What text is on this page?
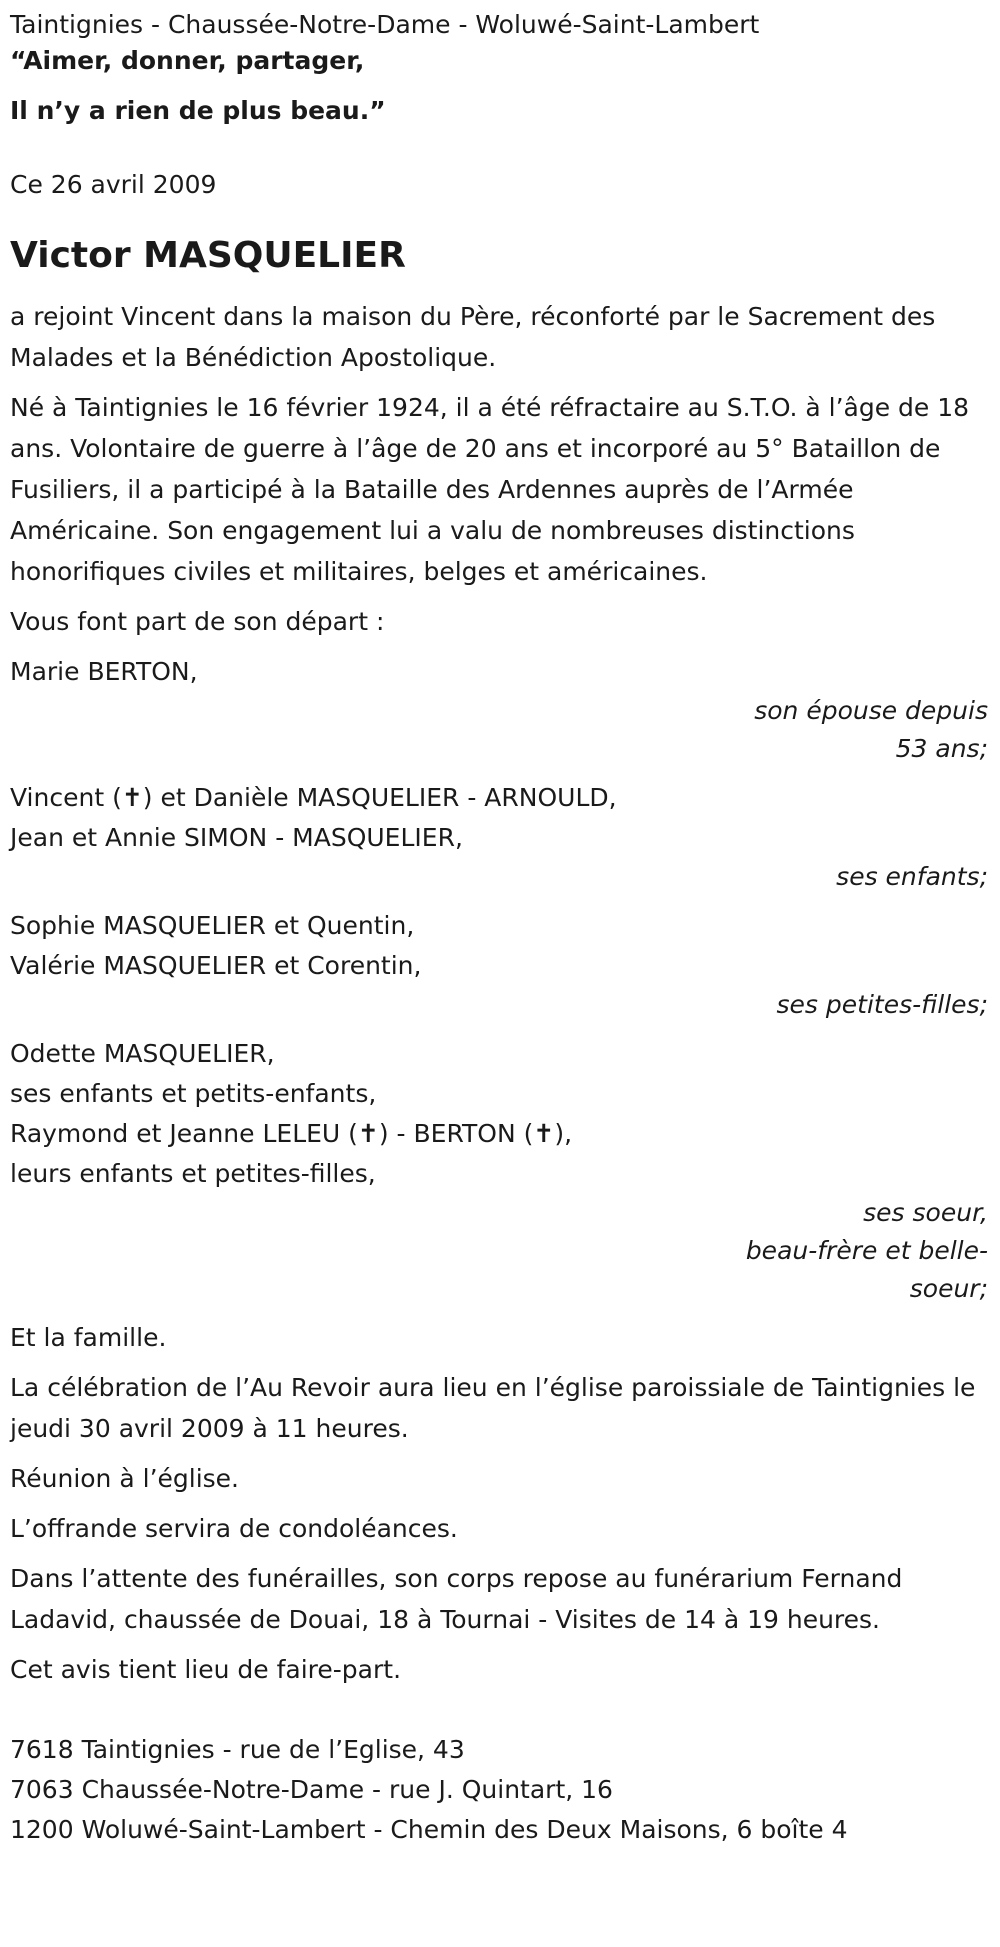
Taintignies - Chaussée-Notre-Dame - Woluwé-Saint-Lambert
“Aimer, donner, partager,
Il n’y a rien de plus beau.”
Ce 26 avril 2009
Victor MASQUELIER
a rejoint Vincent dans la maison du Père, réconforté par le Sacrement des Malades et la Bénédiction Apostolique.
Né à Taintignies le 16 février 1924, il a été réfractaire au S.T.O. à l’âge de 18 ans. Volontaire de guerre à l’âge de 20 ans et incorporé au 5° Bataillon de Fusiliers, il a participé à la Bataille des Ardennes auprès de l’Armée Américaine. Son engagement lui a valu de nombreuses distinctions honorifiques civiles et militaires, belges et américaines.
Vous font part de son départ :
Marie BERTON,
son épouse depuis
53 ans;
Vincent (✝) et Danièle MASQUELIER - ARNOULD,
Jean et Annie SIMON - MASQUELIER,
ses enfants;
Sophie MASQUELIER et Quentin,
Valérie MASQUELIER et Corentin,
ses petites-filles;
Odette MASQUELIER,
ses enfants et petits-enfants,
Raymond et Jeanne LELEU (✝) - BERTON (✝),
leurs enfants et petites-filles,
ses soeur,
beau-frère et belle-
soeur;
Et la famille.
La célébration de l’Au Revoir aura lieu en l’église paroissiale de Taintignies le jeudi 30 avril 2009 à 11 heures.
Réunion à l’église.
L’offrande servira de condoléances.
Dans l’attente des funérailles, son corps repose au funérarium Fernand Ladavid, chaussée de Douai, 18 à Tournai - Visites de 14 à 19 heures.
Cet avis tient lieu de faire-part.
7618 Taintignies - rue de l’Eglise, 43
7063 Chaussée-Notre-Dame - rue J. Quintart, 16
1200 Woluwé-Saint-Lambert - Chemin des Deux Maisons, 6 boîte 4
